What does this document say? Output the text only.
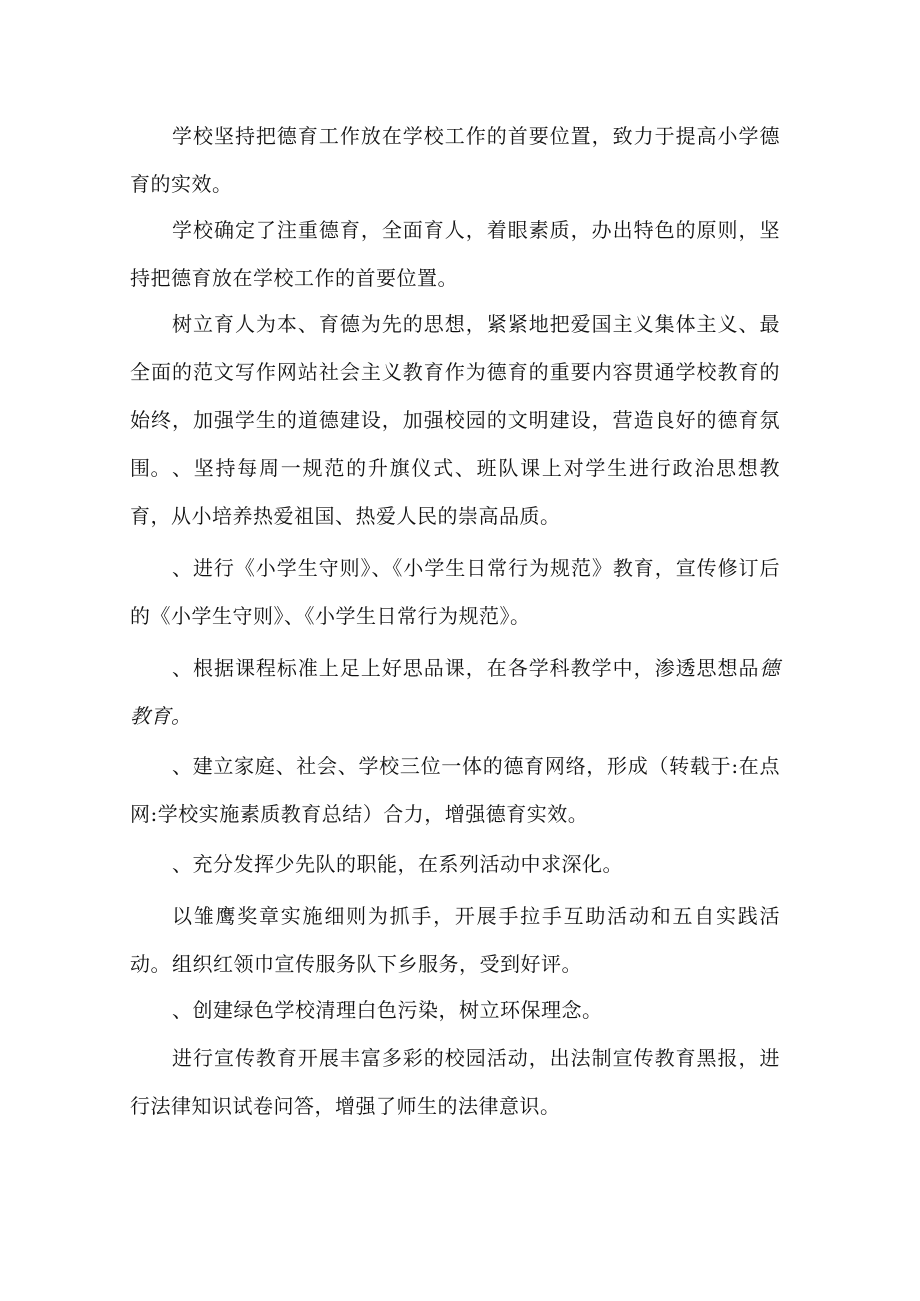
学校坚持把德育工作放在学校工作的首要位置，致力于提高小学德育的实效。

学校确定了注重德育，全面育人，着眼素质，办出特色的原则，坚持把德育放在学校工作的首要位置。

树立育人为本、育德为先的思想，紧紧地把爱国主义集体主义、最全面的范文写作网站社会主义教育作为德育的重要内容贯通学校教育的始终，加强学生的道德建设，加强校园的文明建设，营造良好的德育氛围。 、坚持每周一规范的升旗仪式、班队课上对学生进行政治思想教育，从小培养热爱祖国、热爱人民的崇高品质。

、进行《小学生守则》、《小学生日常行为规范》教育，宣传修订后的《小学生守则》、《小学生日常行为规范》。

、根据课程标准上足上好思品课，在各学科教学中，渗透思想品德教育。

、建立家庭、社会、学校三位一体的德育网络，形成（转载于:在点网:学校实施素质教育总结）合力，增强德育实效。

、充分发挥少先队的职能，在系列活动中求深化。

以雏鹰奖章实施细则为抓手，开展手拉手互助活动和五自实践活动。 组织红领巾宣传服务队下乡服务，受到好评。

、创建绿色学校清理白色污染，树立环保理念。

进行宣传教育开展丰富多彩的校园活动，出法制宣传教育黑报，进行法律知识试卷问答，增强了师生的法律意识。
